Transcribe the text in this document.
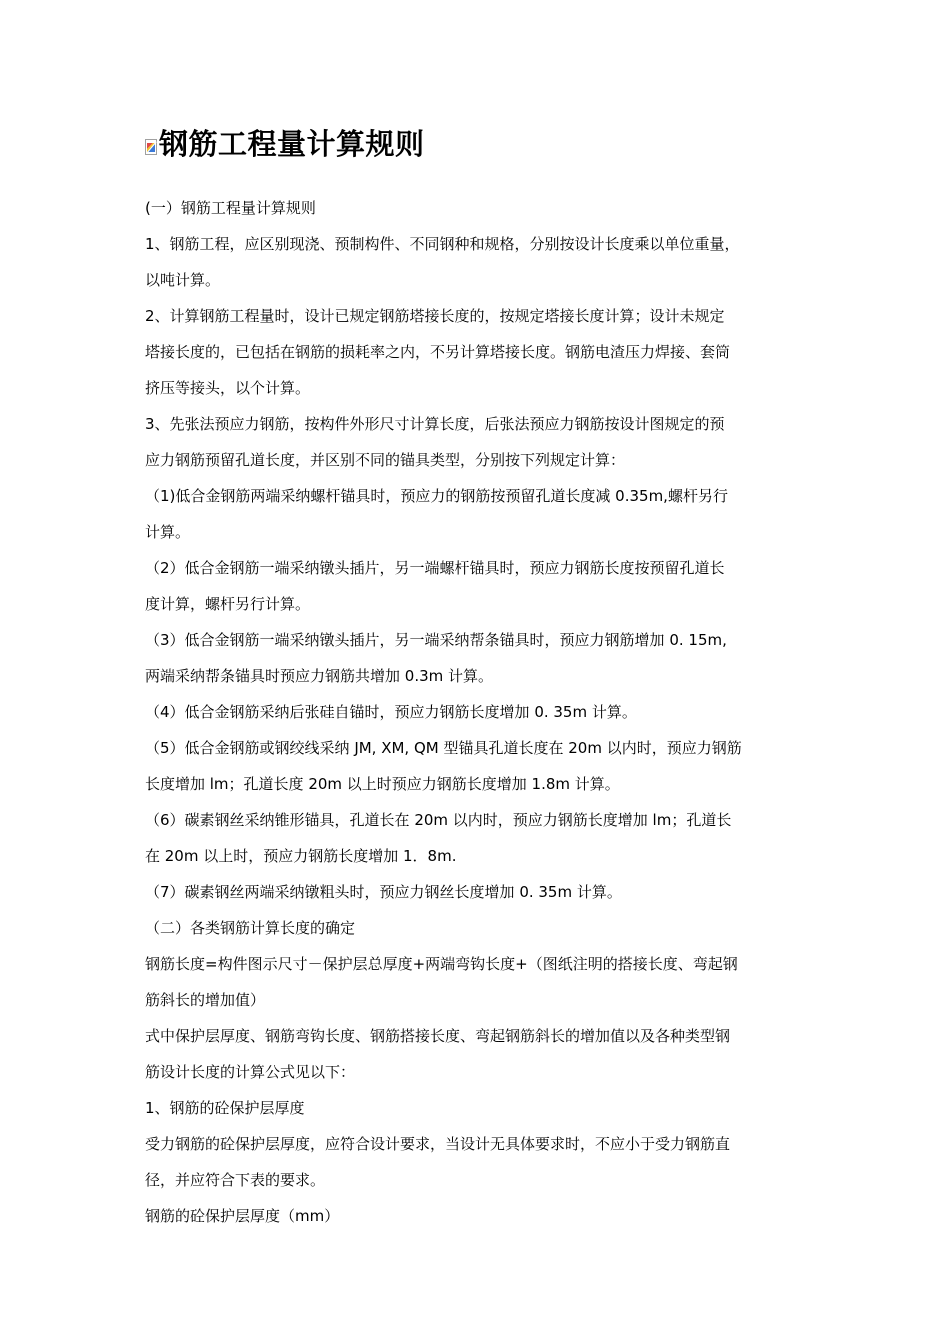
钢筋工程量计算规则

(一）钢筋工程量计算规则

1、钢筋工程，应区别现浇、预制构件、不同钢种和规格，分别按设计长度乘以单位重量，

以吨计算。

2、计算钢筋工程量时，设计已规定钢筋塔接长度的，按规定塔接长度计算；设计未规定

塔接长度的，已包括在钢筋的损耗率之内，不另计算塔接长度。钢筋电渣压力焊接、套筒

挤压等接头，以个计算。

3、先张法预应力钢筋，按构件外形尺寸计算长度，后张法预应力钢筋按设计图规定的预

应力钢筋预留孔道长度，并区别不同的锚具类型，分别按下列规定计算：

（1)低合金钢筋两端采纳螺杆锚具时，预应力的钢筋按预留孔道长度减 0.35m,螺杆另行

计算。

（2）低合金钢筋一端采纳镦头插片，另一端螺杆锚具时，预应力钢筋长度按预留孔道长

度计算，螺杆另行计算。

（3）低合金钢筋一端采纳镦头插片，另一端采纳帮条锚具时，预应力钢筋增加 0. 15m,

两端采纳帮条锚具时预应力钢筋共增加 0.3m 计算。

（4）低合金钢筋采纳后张硅自锚时，预应力钢筋长度增加 0. 35m 计算。

（5）低合金钢筋或钢绞线采纳 JM, XM, QM 型锚具孔道长度在 20m 以内时，预应力钢筋

长度增加 lm；孔道长度 20m 以上时预应力钢筋长度增加 1.8m 计算。

（6）碳素钢丝采纳锥形锚具，孔道长在 20m 以内时，预应力钢筋长度增加 lm；孔道长

在 20m 以上时，预应力钢筋长度增加 1．8m.

（7）碳素钢丝两端采纳镦粗头时，预应力钢丝长度增加 0. 35m 计算。

（二）各类钢筋计算长度的确定

钢筋长度=构件图示尺寸－保护层总厚度+两端弯钩长度+（图纸注明的搭接长度、弯起钢

筋斜长的增加值）

式中保护层厚度、钢筋弯钩长度、钢筋搭接长度、弯起钢筋斜长的增加值以及各种类型钢

筋设计长度的计算公式见以下：

1、钢筋的砼保护层厚度

受力钢筋的砼保护层厚度，应符合设计要求，当设计无具体要求时，不应小于受力钢筋直

径，并应符合下表的要求。

钢筋的砼保护层厚度（mm）
